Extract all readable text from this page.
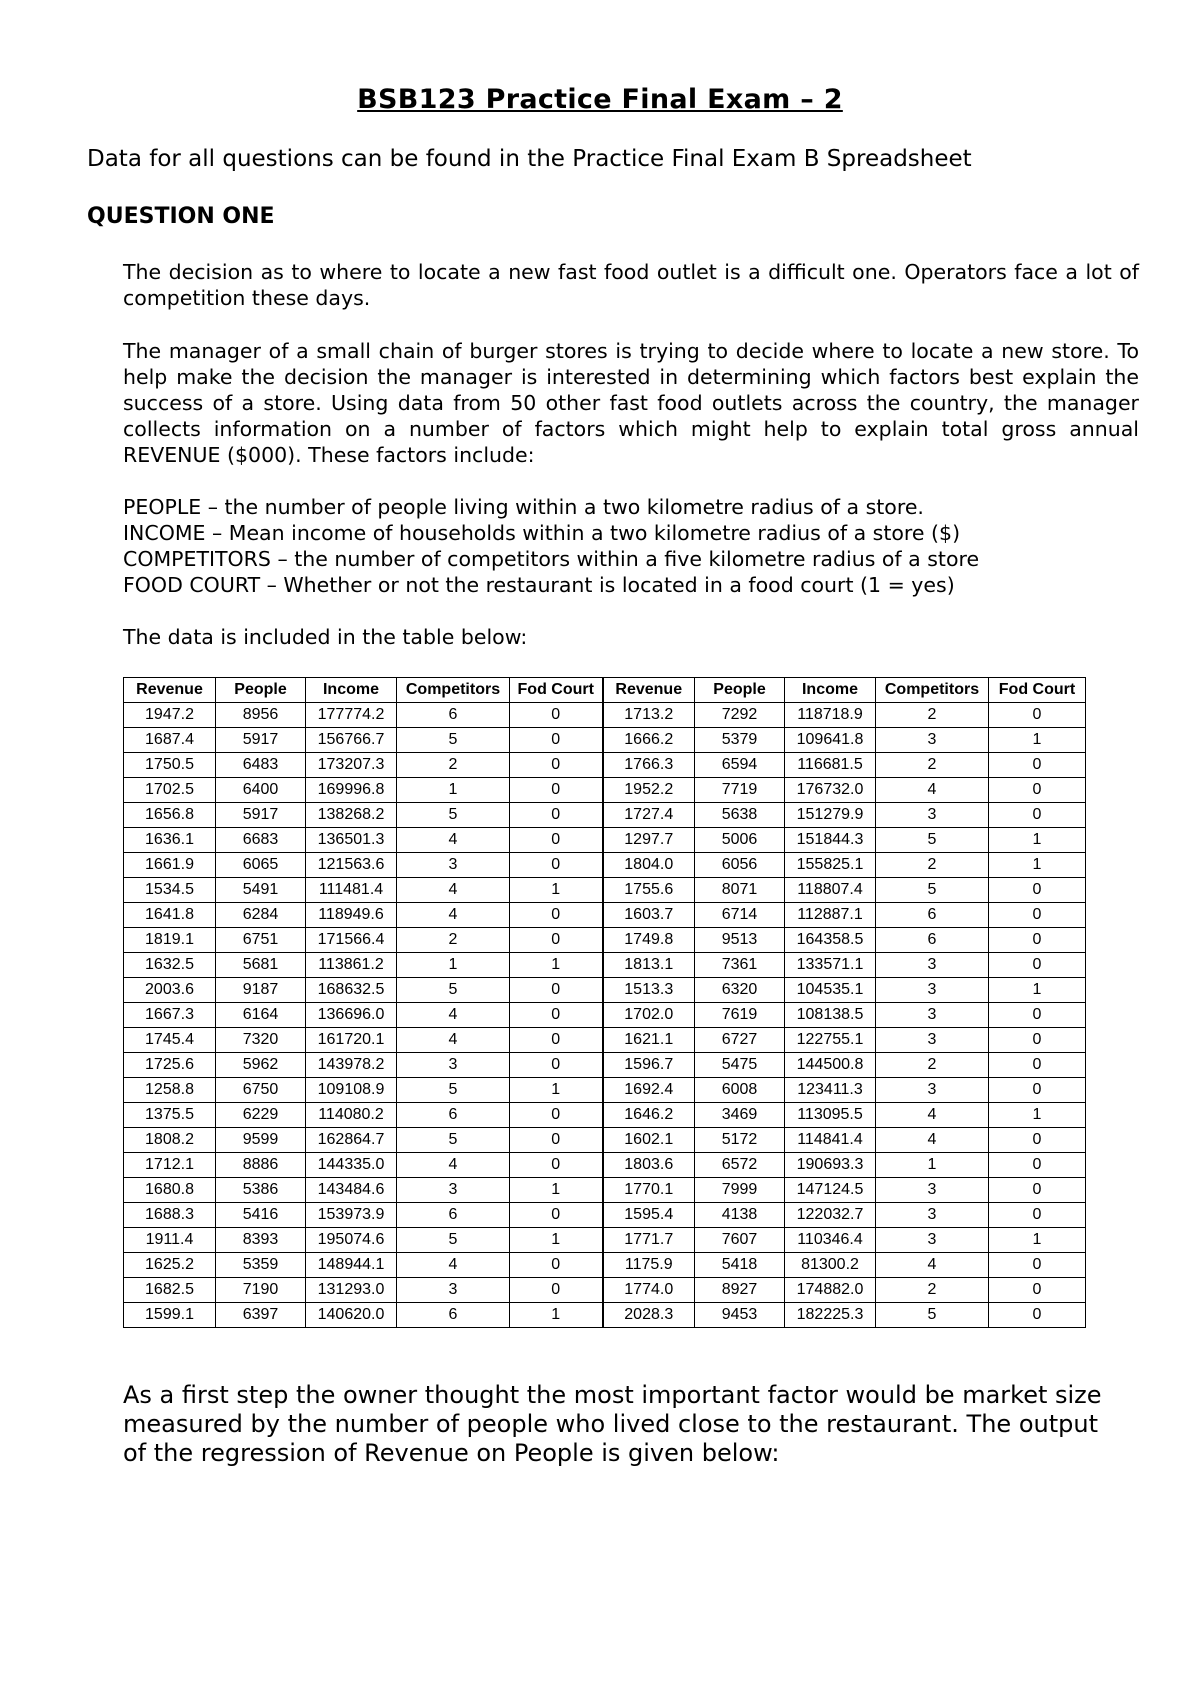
BSB123 Practice Final Exam – 2
Data for all questions can be found in the Practice Final Exam B Spreadsheet
QUESTION ONE
The decision as to where to locate a new fast food outlet is a difficult one. Operators face a lot of competition these days.
The manager of a small chain of burger stores is trying to decide where to locate a new store. To help make the decision the manager is interested in determining which factors best explain the success of a store. Using data from 50 other fast food outlets across the country, the manager collects information on a number of factors which might help to explain total gross annual REVENUE ($000). These factors include:
PEOPLE – the number of people living within a two kilometre radius of a store.
INCOME – Mean income of households within a two kilometre radius of a store ($)
COMPETITORS – the number of competitors within a five kilometre radius of a store
FOOD COURT – Whether or not the restaurant is located in a food court (1 = yes)
The data is included in the table below:
Revenue	People	Income	Competitors	Fod Court	Revenue	People	Income	Competitors	Fod Court
1947.2	8956	177774.2	6	0	1713.2	7292	118718.9	2	0
1687.4	5917	156766.7	5	0	1666.2	5379	109641.8	3	1
1750.5	6483	173207.3	2	0	1766.3	6594	116681.5	2	0
1702.5	6400	169996.8	1	0	1952.2	7719	176732.0	4	0
1656.8	5917	138268.2	5	0	1727.4	5638	151279.9	3	0
1636.1	6683	136501.3	4	0	1297.7	5006	151844.3	5	1
1661.9	6065	121563.6	3	0	1804.0	6056	155825.1	2	1
1534.5	5491	111481.4	4	1	1755.6	8071	118807.4	5	0
1641.8	6284	118949.6	4	0	1603.7	6714	112887.1	6	0
1819.1	6751	171566.4	2	0	1749.8	9513	164358.5	6	0
1632.5	5681	113861.2	1	1	1813.1	7361	133571.1	3	0
2003.6	9187	168632.5	5	0	1513.3	6320	104535.1	3	1
1667.3	6164	136696.0	4	0	1702.0	7619	108138.5	3	0
1745.4	7320	161720.1	4	0	1621.1	6727	122755.1	3	0
1725.6	5962	143978.2	3	0	1596.7	5475	144500.8	2	0
1258.8	6750	109108.9	5	1	1692.4	6008	123411.3	3	0
1375.5	6229	114080.2	6	0	1646.2	3469	113095.5	4	1
1808.2	9599	162864.7	5	0	1602.1	5172	114841.4	4	0
1712.1	8886	144335.0	4	0	1803.6	6572	190693.3	1	0
1680.8	5386	143484.6	3	1	1770.1	7999	147124.5	3	0
1688.3	5416	153973.9	6	0	1595.4	4138	122032.7	3	0
1911.4	8393	195074.6	5	1	1771.7	7607	110346.4	3	1
1625.2	5359	148944.1	4	0	1175.9	5418	81300.2	4	0
1682.5	7190	131293.0	3	0	1774.0	8927	174882.0	2	0
1599.1	6397	140620.0	6	1	2028.3	9453	182225.3	5	0
As a first step the owner thought the most important factor would be market size measured by the number of people who lived close to the restaurant. The output of the regression of Revenue on People is given below:
